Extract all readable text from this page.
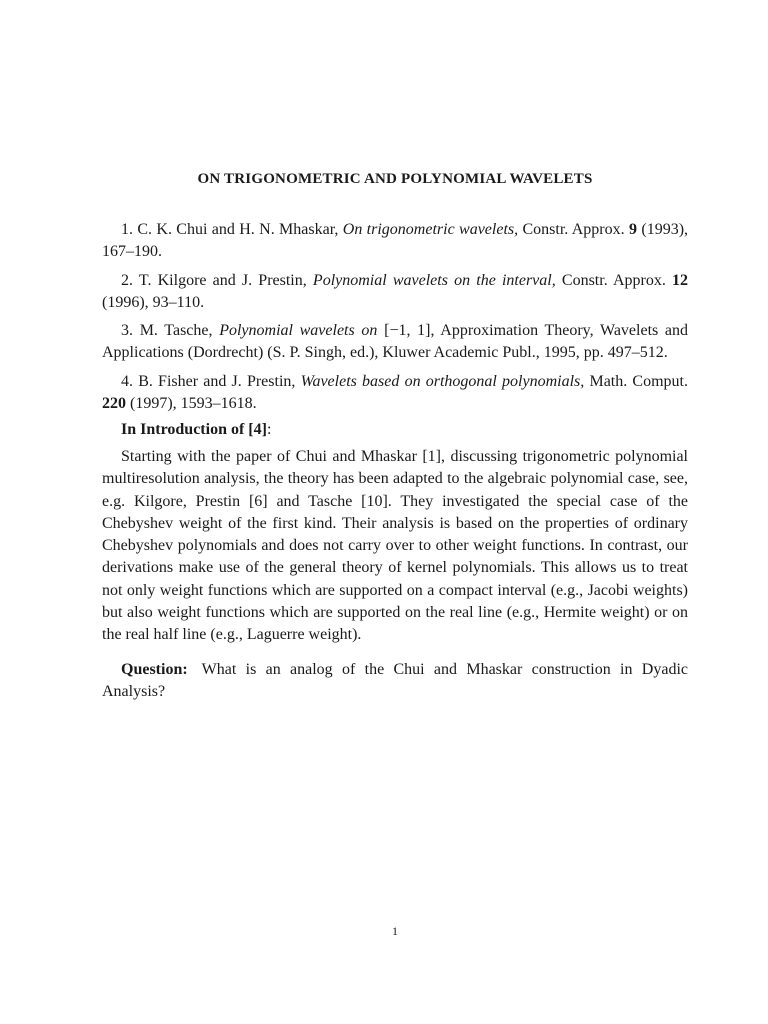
ON TRIGONOMETRIC AND POLYNOMIAL WAVELETS

1. C. K. Chui and H. N. Mhaskar, On trigonometric wavelets, Constr. Approx. 9 (1993), 167–190.

2. T. Kilgore and J. Prestin, Polynomial wavelets on the interval, Constr. Approx. 12 (1996), 93–110.

3. M. Tasche, Polynomial wavelets on [−1, 1], Approximation Theory, Wavelets and Applications (Dordrecht) (S. P. Singh, ed.), Kluwer Academic Publ., 1995, pp. 497–512.

4. B. Fisher and J. Prestin, Wavelets based on orthogonal polynomials, Math. Comput. 220 (1997), 1593–1618.

In Introduction of [4]:

Starting with the paper of Chui and Mhaskar [1], discussing trigonometric polynomial multiresolution analysis, the theory has been adapted to the algebraic polynomial case, see, e.g. Kilgore, Prestin [6] and Tasche [10]. They investigated the special case of the Chebyshev weight of the first kind. Their analysis is based on the properties of ordinary Chebyshev polynomials and does not carry over to other weight functions. In contrast, our derivations make use of the general theory of kernel polynomials. This allows us to treat not only weight functions which are supported on a compact interval (e.g., Jacobi weights) but also weight functions which are supported on the real line (e.g., Hermite weight) or on the real half line (e.g., Laguerre weight).

Question: What is an analog of the Chui and Mhaskar construction in Dyadic Analysis?

1
